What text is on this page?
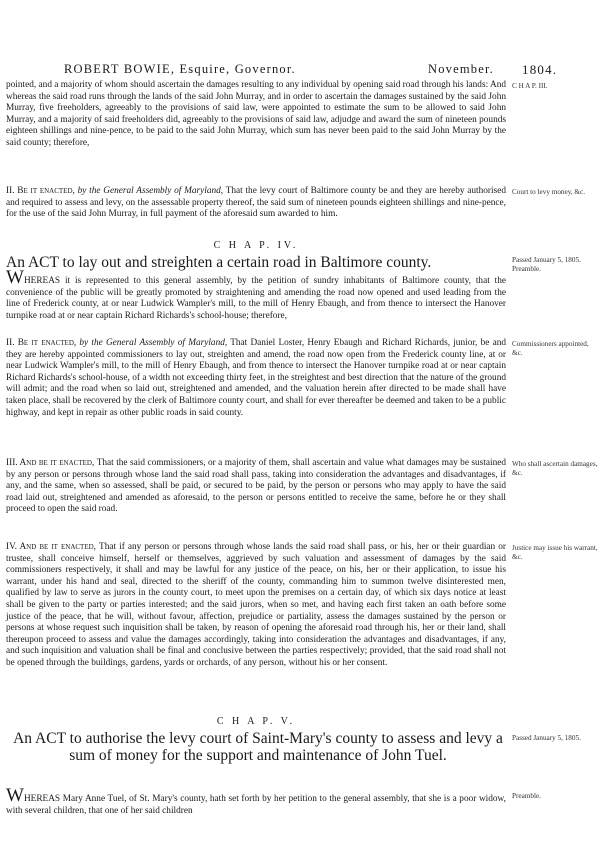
ROBERT BOWIE, Esquire, Governor.	November. 1804.
pointed, and a majority of whom should ascertain the damages resulting to any individual by opening said road through his lands: And whereas the said road runs through the lands of the said John Murray, and in order to ascertain the damages sustained by the said John Murray, five freeholders, agreeably to the provisions of said law, were appointed to estimate the sum to be allowed to said John Murray, and a majority of said freeholders did, agreeably to the provisions of said law, adjudge and award the sum of nineteen pounds eighteen shillings and nine-pence, to be paid to the said John Murray, which sum has never been paid to the said John Murray by the said county; therefore,
C H A P. III.
II. Be it enacted, by the General Assembly of Maryland, That the levy court of Baltimore county be and they are hereby authorised and required to assess and levy, on the assessable property thereof, the said sum of nineteen pounds eighteen shillings and nine-pence, for the use of the said John Murray, in full payment of the aforesaid sum awarded to him.
Court to levy money, &c.
C H A P. IV.
An ACT to lay out and streighten a certain road in Baltimore county.	Passed January 5, 1805. Preamble.
WHEREAS it is represented to this general assembly, by the petition of sundry inhabitants of Baltimore county, that the convenience of the public will be greatly promoted by straightening and amending the road now opened and used leading from the line of Frederick county, at or near Ludwick Wampler's mill, to the mill of Henry Ebaugh, and from thence to intersect the Hanover turnpike road at or near captain Richard Richards's school-house; therefore,
II. Be it enacted, by the General Assembly of Maryland, That Daniel Loster, Henry Ebaugh and Richard Richards, junior, be and they are hereby appointed commissioners to lay out, streighten and amend, the road now open from the Frederick county line, at or near Ludwick Wampler's mill, to the mill of Henry Ebaugh, and from thence to intersect the Hanover turnpike road at or near captain Richard Richards's school-house, of a width not exceeding thirty feet, in the streightest and best direction that the nature of the ground will admit; and the road when so laid out, streightened and amended, and the valuation herein after directed to be made shall have taken place, shall be recovered by the clerk of Baltimore county court, and shall for ever thereafter be deemed and taken to be a public highway, and kept in repair as other public roads in said county.
Commissioners appointed, &c.
III. And be it enacted, That the said commissioners, or a majority of them, shall ascertain and value what damages may be sustained by any person or persons through whose land the said road shall pass, taking into consideration the advantages and disadvantages, if any, and the same, when so assessed, shall be paid, or secured to be paid, by the person or persons who may apply to have the said road laid out, streightened and amended as aforesaid, to the person or persons entitled to receive the same, before he or they shall proceed to open the said road.
Who shall ascertain damages, &c.
IV. And be it enacted, That if any person or persons through whose lands the said road shall pass, or his, her or their guardian or trustee, shall conceive himself, herself or themselves, aggrieved by such valuation and assessment of damages by the said commissioners respectively, it shall and may be lawful for any justice of the peace, on his, her or their application, to issue his warrant, under his hand and seal, directed to the sheriff of the county, commanding him to summon twelve disinterested men, qualified by law to serve as jurors in the county court, to meet upon the premises on a certain day, of which six days notice at least shall be given to the party or parties interested; and the said jurors, when so met, and having each first taken an oath before some justice of the peace, that he will, without favour, affection, prejudice or partiality, assess the damages sustained by the person or persons at whose request such inquisition shall be taken, by reason of opening the aforesaid road through his, her or their land, shall thereupon proceed to assess and value the damages accordingly, taking into consideration the advantages and disadvantages, if any, and such inquisition and valuation shall be final and conclusive between the parties respectively; provided, that the said road shall not be opened through the buildings, gardens, yards or orchards, of any person, without his or her consent.
Justice may issue his warrant, &c.
C H A P. V.
An ACT to authorise the levy court of Saint-Mary's county to assess and levy a sum of money for the support and maintenance of John Tuel.
Passed January 5, 1805.
WHEREAS Mary Anne Tuel, of St. Mary's county, hath set forth by her petition to the general assembly, that she is a poor widow, with several children, that one of her said children
Preamble.
